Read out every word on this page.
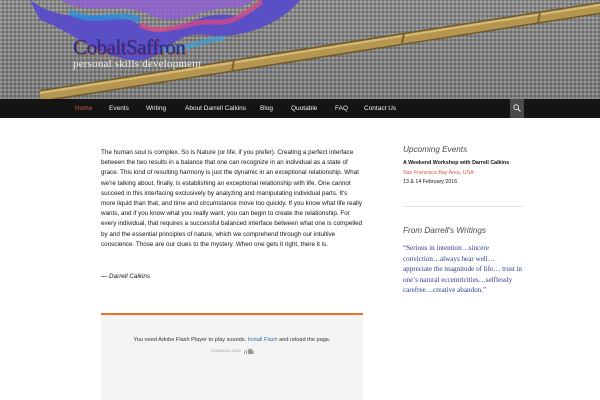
CobaltSaffron
personal skills development
Home	Events	Writing	About Darrell Calkins Blog	Quotable	FAQ Contact Us

The human soul is complex. So is Nature (or life, if you prefer). Creating a perfect interface between the two results in a balance that one can recognize in an individual as a state of grace. This kind of resulting harmony is just the dynamic in an exceptional relationship. What we're talking about, finally, is establishing an exceptional relationship with life. One cannot succeed in this interfacing exclusively by analyzing and manipulating individual parts. It's more liquid than that, and time and circumstance move too quickly. If you know what life really wants, and if you know what you really want, you can begin to create the relationship. For every individual, that requires a successful balanced interface between what one is compelled by and the essential principles of nature, which we comprehend through our intuitive conscience. Those are our clues to the mystery. When one gets it right, there it is.

— Darrell Calkins

You need Adobe Flash Player to play sounds. Install Flash and reload the page.
SOUNDCLOUD
Upcoming Events
A Weekend Workshop with Darrell Calkins
San Francisco Bay Area, USA
13 & 14 February 2016
From Darrell's Writings

“Serious in intention…sincere conviction…always hear well… appreciate the magnitude of life… trust in one’s natural eccentricities…selflessly carefree…creative abandon.”
